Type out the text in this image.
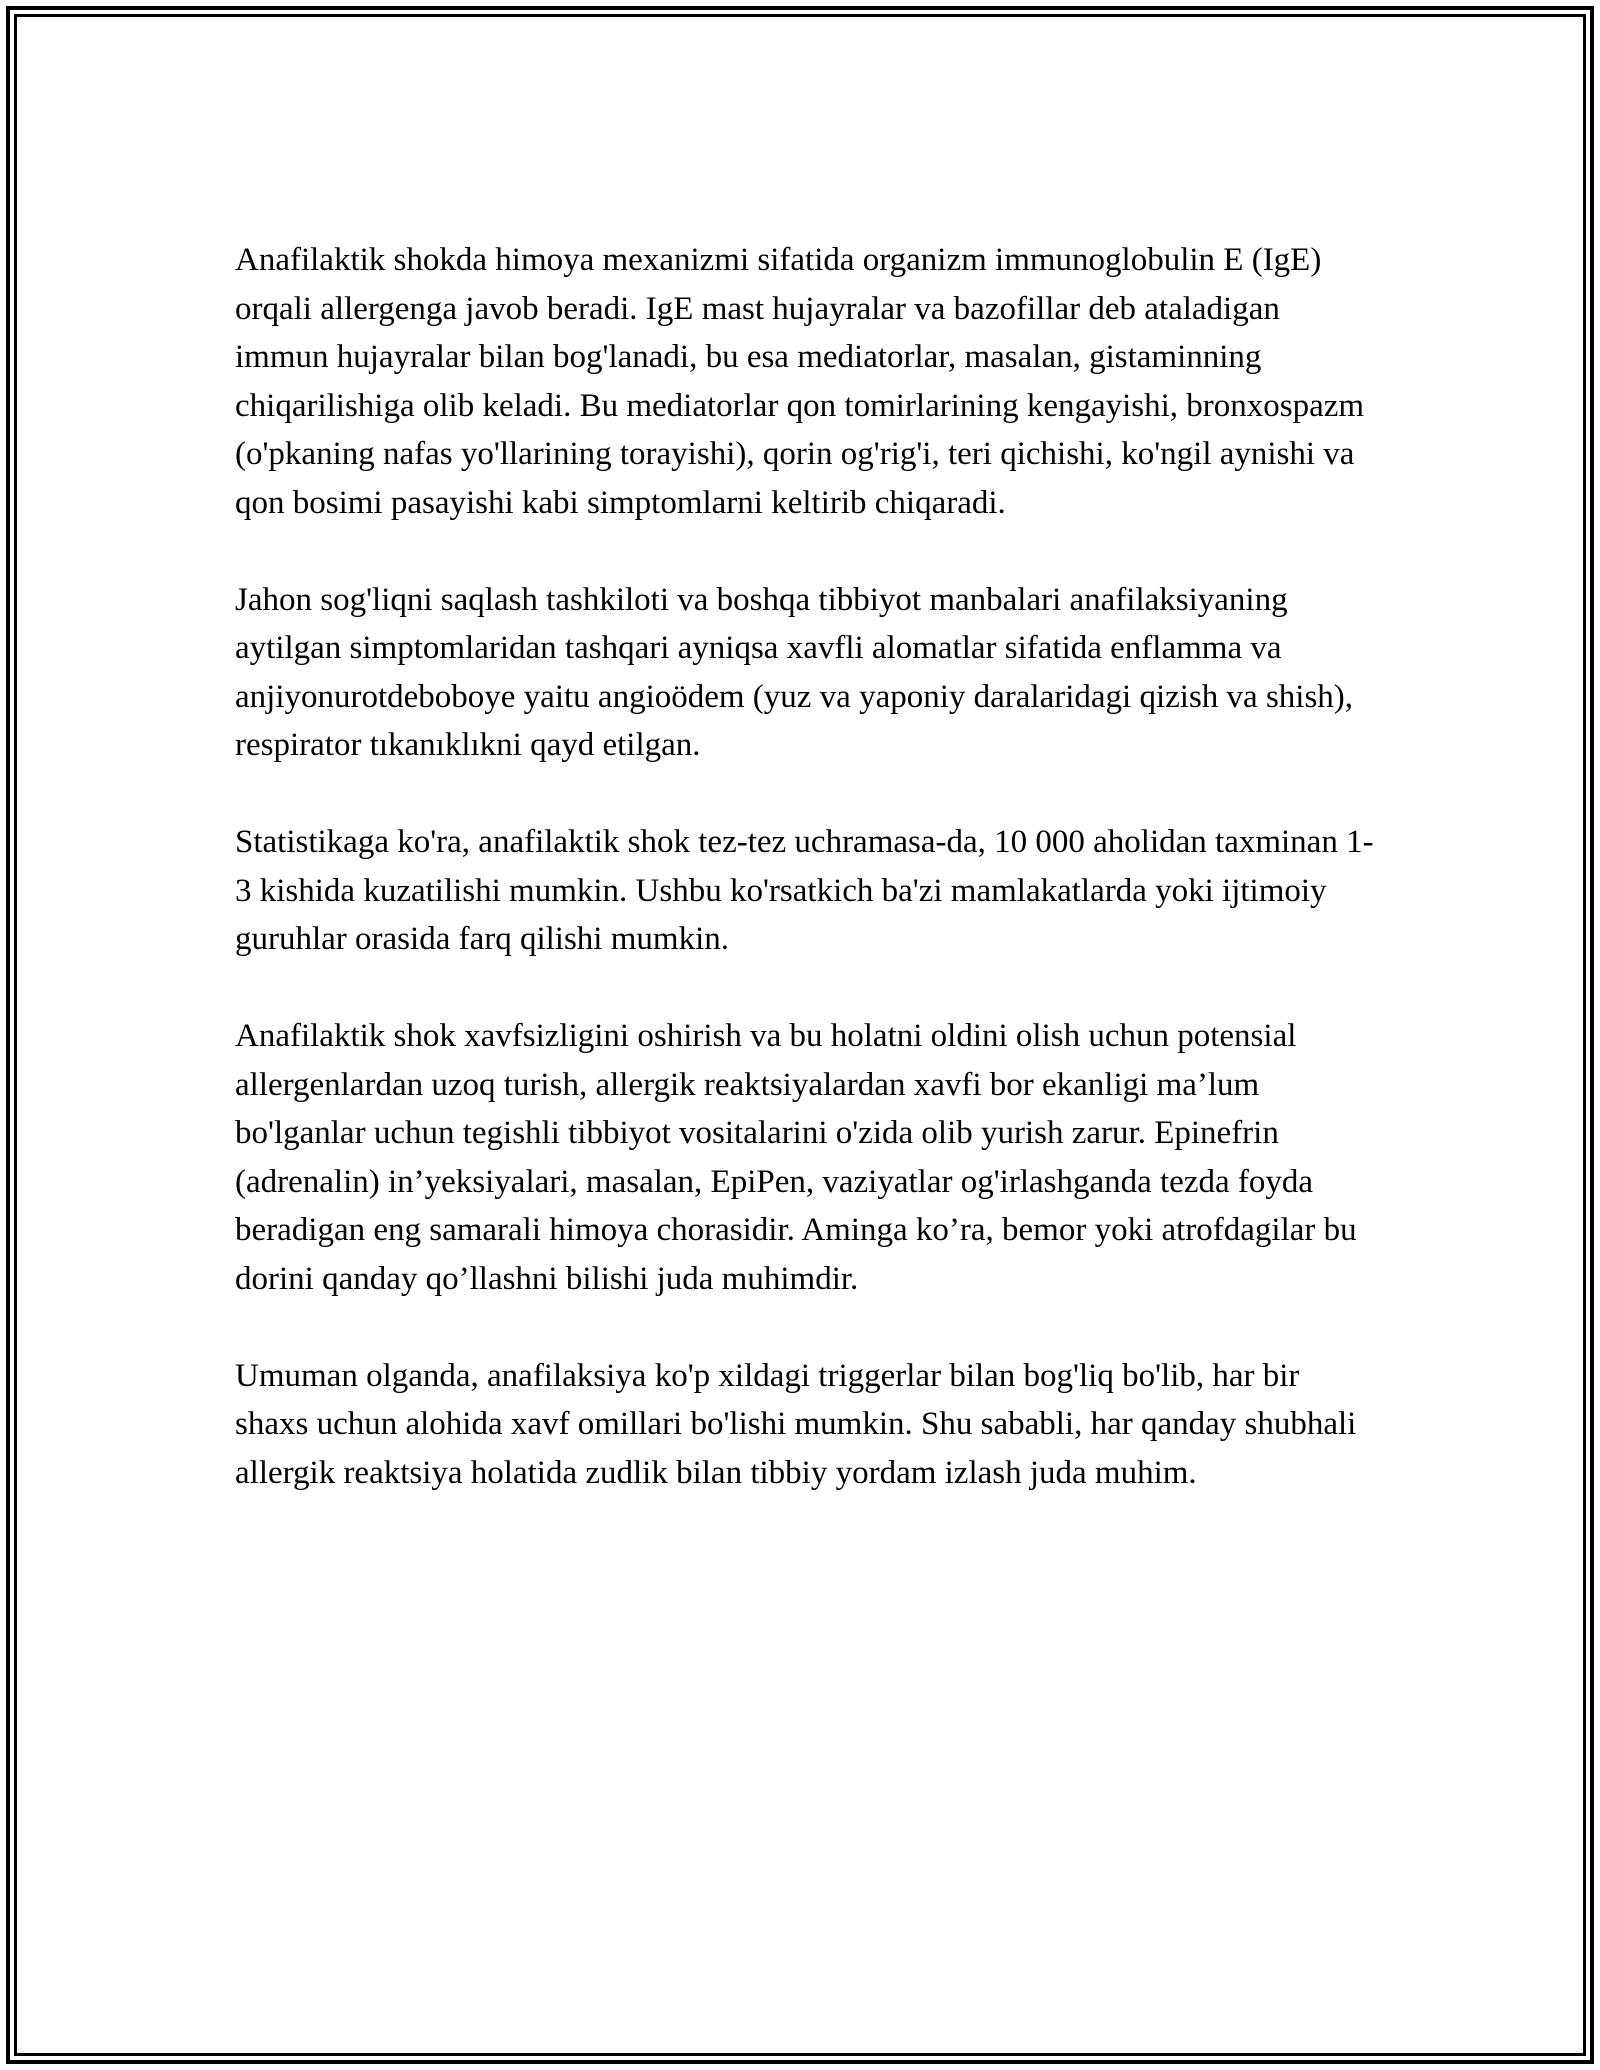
Anafilaktik shokda himoya mexanizmi sifatida organizm immunoglobulin E (IgE) orqali allergenga javob beradi. IgE mast hujayralar va bazofillar deb ataladigan immun hujayralar bilan bog'lanadi, bu esa mediatorlar, masalan, gistaminning chiqarilishiga olib keladi. Bu mediatorlar qon tomirlarining kengayishi, bronxospazm (o'pkaning nafas yo'llarining torayishi), qorin og'rig'i, teri qichishi, ko'ngil aynishi va qon bosimi pasayishi kabi simptomlarni keltirib chiqaradi.

Jahon sog'liqni saqlash tashkiloti va boshqa tibbiyot manbalari anafilaksiyaning aytilgan simptomlaridan tashqari ayniqsa xavfli alomatlar sifatida enflamma va anjiyonurotdeboboye yaitu angioödem (yuz va yaponiy daralaridagi qizish va shish), respirator tıkanıklıkni qayd etilgan.

Statistikaga ko'ra, anafilaktik shok tez-tez uchramasa-da, 10 000 aholidan taxminan 1-3 kishida kuzatilishi mumkin. Ushbu ko'rsatkich ba'zi mamlakatlarda yoki ijtimoiy guruhlar orasida farq qilishi mumkin.

Anafilaktik shok xavfsizligini oshirish va bu holatni oldini olish uchun potensial allergenlardan uzoq turish, allergik reaktsiyalardan xavfi bor ekanligi ma’lum bo'lganlar uchun tegishli tibbiyot vositalarini o'zida olib yurish zarur. Epinefrin (adrenalin) in’yeksiyalari, masalan, EpiPen, vaziyatlar og'irlashganda tezda foyda beradigan eng samarali himoya chorasidir. Aminga ko’ra, bemor yoki atrofdagilar bu dorini qanday qo’llashni bilishi juda muhimdir.

Umuman olganda, anafilaksiya ko'p xildagi triggerlar bilan bog'liq bo'lib, har bir shaxs uchun alohida xavf omillari bo'lishi mumkin. Shu sababli, har qanday shubhali allergik reaktsiya holatida zudlik bilan tibbiy yordam izlash juda muhim.
